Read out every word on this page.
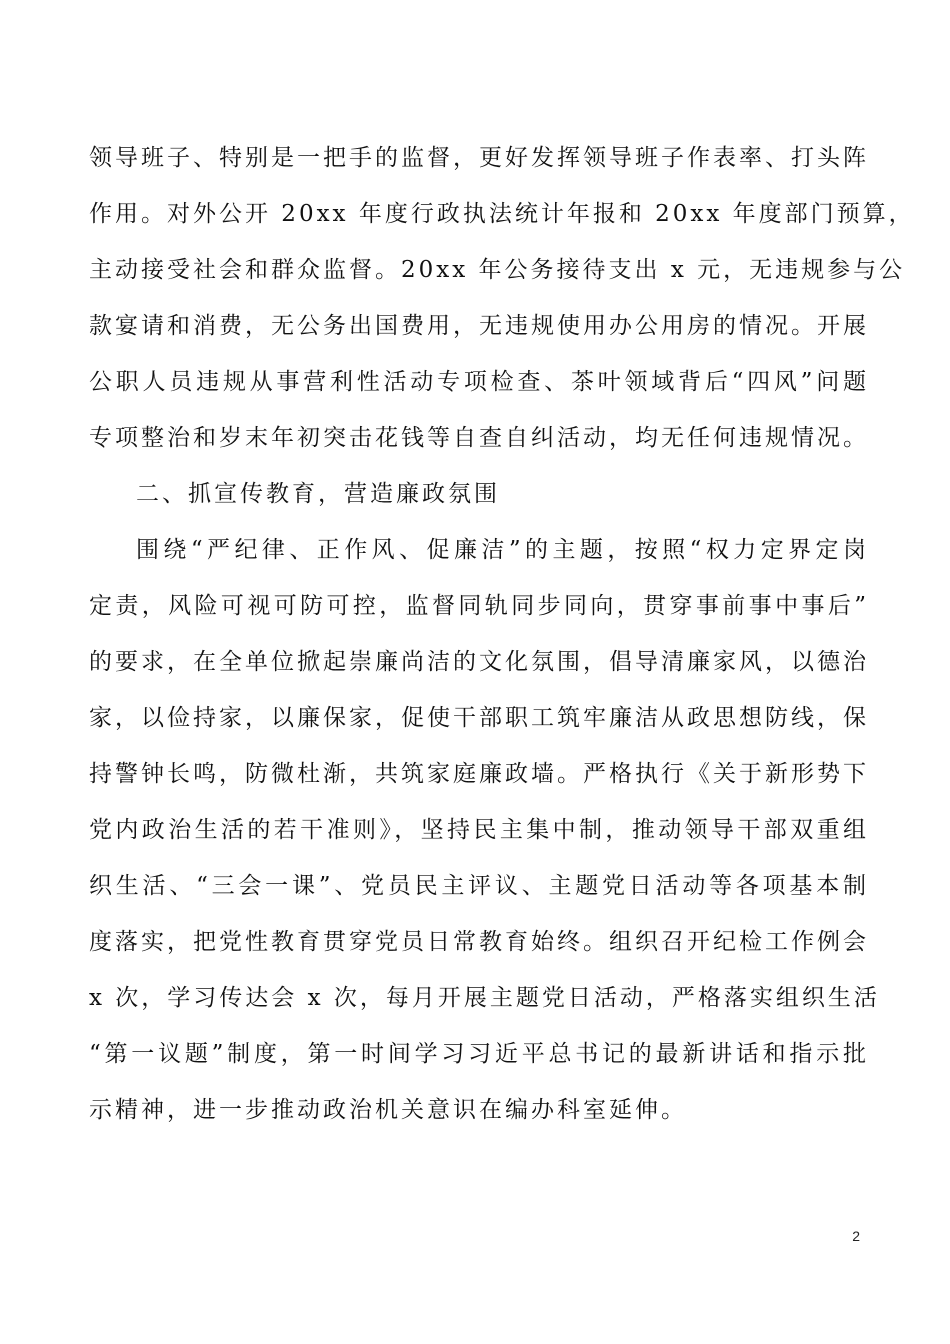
领导班子、特别是一把手的监督，更好发挥领导班子作表率、打头阵
作用。对外公开 20xx 年度行政执法统计年报和 20xx 年度部门预算，
主动接受社会和群众监督。20xx 年公务接待支出 x 元，无违规参与公
款宴请和消费，无公务出国费用，无违规使用办公用房的情况。开展
公职人员违规从事营利性活动专项检查、茶叶领域背后“四风”问题
专项整治和岁末年初突击花钱等自查自纠活动，均无任何违规情况。
二、抓宣传教育，营造廉政氛围
围绕“严纪律、正作风、促廉洁”的主题，按照“权力定界定岗
定责，风险可视可防可控，监督同轨同步同向，贯穿事前事中事后”
的要求，在全单位掀起崇廉尚洁的文化氛围，倡导清廉家风，以德治
家，以俭持家，以廉保家，促使干部职工筑牢廉洁从政思想防线，保
持警钟长鸣，防微杜渐，共筑家庭廉政墙。严格执行《关于新形势下
党内政治生活的若干准则》，坚持民主集中制，推动领导干部双重组
织生活、“三会一课”、党员民主评议、主题党日活动等各项基本制
度落实，把党性教育贯穿党员日常教育始终。组织召开纪检工作例会
x 次，学习传达会 x 次，每月开展主题党日活动，严格落实组织生活
“第一议题”制度，第一时间学习习近平总书记的最新讲话和指示批
示精神，进一步推动政治机关意识在编办科室延伸。
2
